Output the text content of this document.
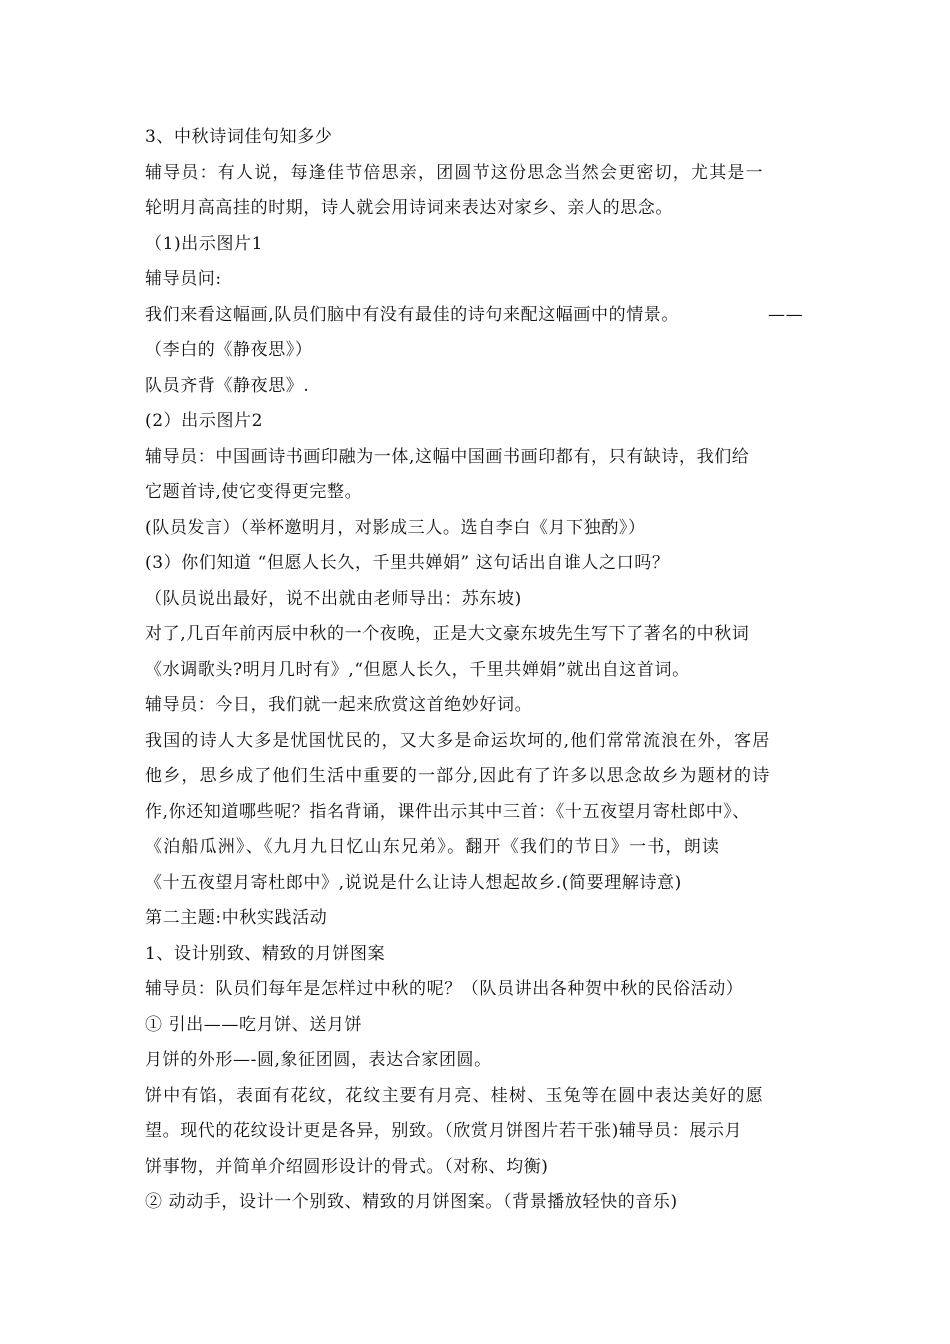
3、中秋诗词佳句知多少
辅导员：有人说，每逢佳节倍思亲，团圆节这份思念当然会更密切，尤其是一
轮明月高高挂的时期，诗人就会用诗词来表达对家乡、亲人的思念。
（1)出示图片1
辅导员问:
我们来看这幅画,队员们脑中有没有最佳的诗句来配这幅画中的情景。	——
（李白的《静夜思》）
队员齐背《静夜思》.
(2）出示图片2
辅导员：中国画诗书画印融为一体,这幅中国画书画印都有，只有缺诗，我们给
它题首诗,使它变得更完整。
(队员发言）（举杯邀明月，对影成三人。选自李白《月下独酌》）
(3）你们知道 “但愿人长久，千里共婵娟” 这句话出自谁人之口吗？
（队员说出最好，说不出就由老师导出：苏东坡)
对了,几百年前丙辰中秋的一个夜晚，正是大文豪东坡先生写下了著名的中秋词
《水调歌头?明月几时有》,“但愿人长久，千里共婵娟”就出自这首词。
辅导员：今日，我们就一起来欣赏这首绝妙好词。
我国的诗人大多是忧国忧民的，又大多是命运坎坷的,他们常常流浪在外，客居
他乡，思乡成了他们生活中重要的一部分,因此有了许多以思念故乡为题材的诗
作,你还知道哪些呢？指名背诵，课件出示其中三首：《十五夜望月寄杜郎中》、
《泊船瓜洲》、《九月九日忆山东兄弟》。翻开《我们的节日》一书，朗读
《十五夜望月寄杜郎中》,说说是什么让诗人想起故乡.(简要理解诗意)
第二主题:中秋实践活动
1、设计别致、精致的月饼图案
辅导员：队员们每年是怎样过中秋的呢？（队员讲出各种贺中秋的民俗活动）
① 引出——吃月饼、送月饼
月饼的外形—-圆,象征团圆，表达合家团圆。
饼中有馅，表面有花纹，花纹主要有月亮、桂树、玉兔等在圆中表达美好的愿
望。现代的花纹设计更是各异，别致。（欣赏月饼图片若干张)辅导员：展示月
饼事物，并简单介绍圆形设计的骨式。（对称、均衡)
② 动动手，设计一个别致、精致的月饼图案。（背景播放轻快的音乐)
